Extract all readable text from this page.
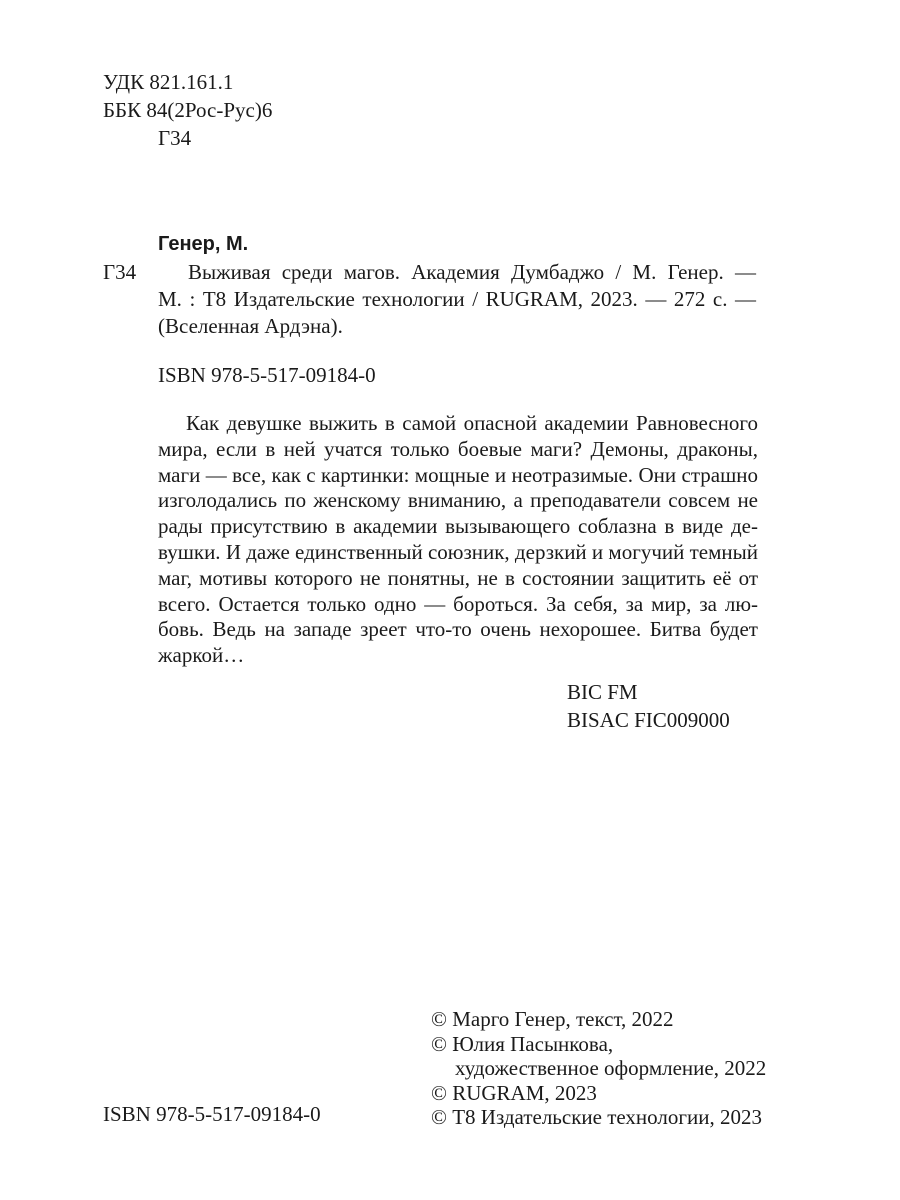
УДК 821.161.1
ББК 84(2Рос-Рус)6
Г34
Генер, М.
Г34	Выживая среди магов. Академия Думбаджо / М. Генер. —
М. : Т8 Издательские технологии / RUGRAM, 2023. — 272 с. —
(Вселенная Ардэна).
ISBN 978-5-517-09184-0
Как девушке выжить в самой опасной академии Равновесного
мира, если в ней учатся только боевые маги? Демоны, драконы,
маги — все, как с картинки: мощные и неотразимые. Они страшно
изголодались по женскому вниманию, а преподаватели совсем не
рады присутствию в академии вызывающего соблазна в виде де-
вушки. И даже единственный союзник, дерзкий и могучий темный
маг, мотивы которого не понятны, не в состоянии защитить её от
всего. Остается только одно — бороться. За себя, за мир, за лю-
бовь. Ведь на западе зреет что-то очень нехорошее. Битва будет
жаркой…
BIC FM
BISAC FIC009000
© Марго Генер, текст, 2022
© Юлия Пасынкова,
художественное оформление, 2022
© RUGRAM, 2023
© Т8 Издательские технологии, 2023
ISBN 978-5-517-09184-0
